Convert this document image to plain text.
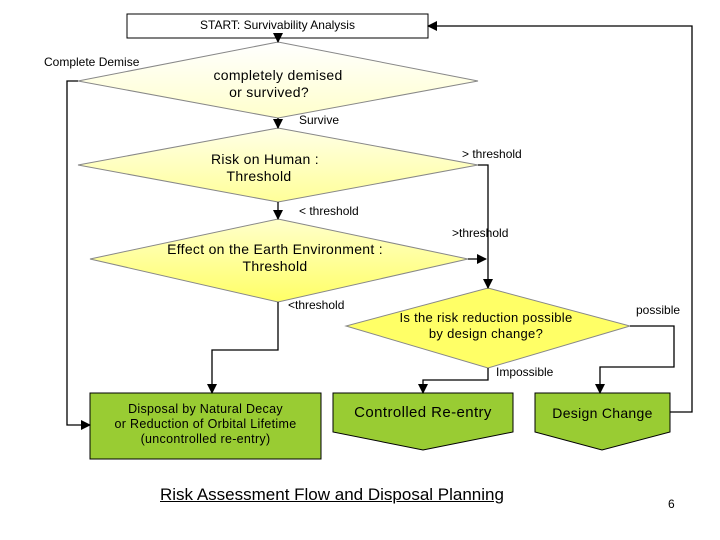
START: Survivability Analysis
completely demised
or survived?
Risk on Human :
Threshold
Effect on the Earth Environment :
Threshold
Is the risk reduction possible
by design change?
Disposal by Natural Decay
or Reduction of Orbital Lifetime
(uncontrolled re-entry)
Controlled Re-entry	Design Change
Complete Demise
Survive
> threshold
< threshold
>threshold
<threshold	possible
Impossible
Risk Assessment Flow and Disposal Planning	6
